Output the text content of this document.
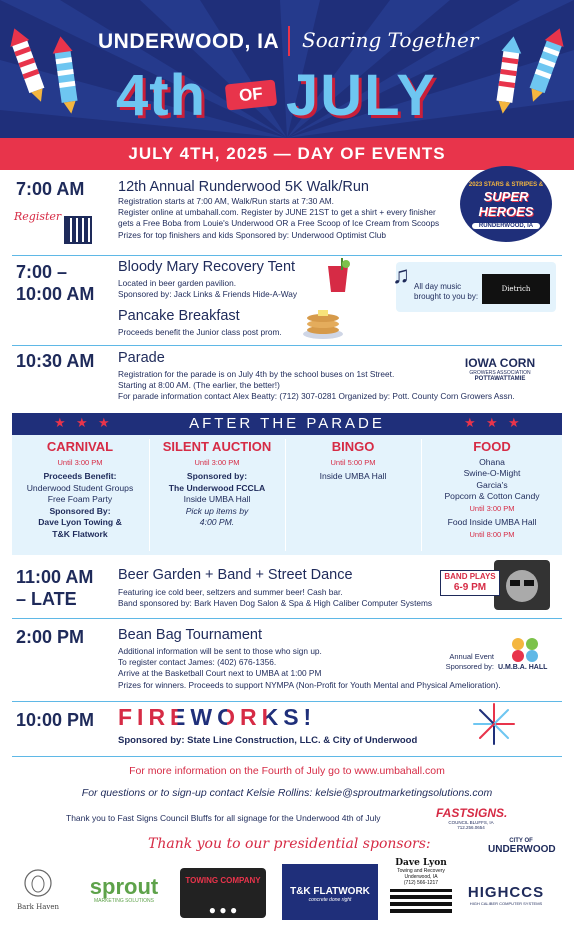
UNDERWOOD, IA Soaring Together
4th	OF JULY
JULY 4TH, 2025 — DAY OF EVENTS
7:00 AM
Register
12th Annual Runderwood 5K Walk/Run
Registration starts at 7:00 AM, Walk/Run starts at 7:30 AM.
Register online at umbahall.com. Register by JUNE 21ST to get a shirt + every finisher
gets a Free Boba from Louie's Underwood OR a Free Scoop of Ice Cream from Scoops
Prizes for top finishers and kids Sponsored by: Underwood Optimist Club
2023 STARS & STRIPES &
SUPER HEROES
RUNDERWOOD, IA
7:00 –
10:00 AM
Bloody Mary Recovery Tent
Located in beer garden pavilion.
Sponsored by: Jack Links & Friends Hide-A-Way
♫ All day music
brought to you by:
Dietrich Entertainment
Pancake Breakfast
Proceeds benefit the Junior class post prom.
10:30 AM Parade
Registration for the parade is on July 4th by the school buses on 1st Street.
Starting at 8:00 AM. (The earlier, the better!)
For parade information contact Alex Beatty: (712) 307-0281 Organized by: Pott. County Corn Growers Assn.
IOWA CORN
GROWERS ASSOCIATION
POTTAWATTAMIE
AFTER THE PARADE
★ ★ ★	★ ★ ★
CARNIVAL
Until 3:00 PM
Proceeds Benefit:
Underwood Student Groups
Free Foam Party
Sponsored By:
Dave Lyon Towing &
T&K Flatwork
SILENT AUCTION
Until 3:00 PM
Sponsored by:
The Underwood FCCLA
Inside UMBA Hall
Pick up items by
4:00 PM.
BINGO
Until 5:00 PM
Inside UMBA Hall
FOOD
Ohana
Swine-O-Might
Garcia's
Popcorn & Cotton Candy
Until 3:00 PM
Food Inside UMBA Hall
Until 8:00 PM
11:00 AM
– LATE
Beer Garden + Band + Street Dance
Featuring ice cold beer, seltzers and summer beer! Cash bar.
Band sponsored by: Bark Haven Dog Salon & Spa & High Caliber Computer Systems
BAND PLAYS
6-9 PM
2:00 PM Bean Bag Tournament
Additional information will be sent to those who sign up.
To register contact James: (402) 676-1356.
Arrive at the Basketball Court next to UMBA at 1:00 PM
Prizes for winners. Proceeds to support NYMPA (Non-Profit for Youth Mental and Physical Amelioration).
Annual Event
Sponsored by: U.M.B.A. HALL
10:00 PM FIREWORKS!
Sponsored by: State Line Construction, LLC. & City of Underwood
For more information on the Fourth of July go to www.umbahall.com
For questions or to sign-up contact Kelsie Rollins: kelsie@sproutmarketingsolutions.com
Thank you to Fast Signs Council Bluffs for all signage for the Underwood 4th of July	FASTSIGNS.
COUNCIL BLUFFS, IA
712.256.0654
Thank you to our presidential sponsors:	CITY OF
UNDERWOOD
Bark Haven
sprout
MARKETING SOLUTIONS
TOWING COMPANY
● ● ●
T&K FLATWORK
concrete done right
Dave Lyon
Towing and Recovery
Underwood, IA
(712) 566-1217
HIGHCCS
HIGH CALIBER COMPUTER SYSTEMS
